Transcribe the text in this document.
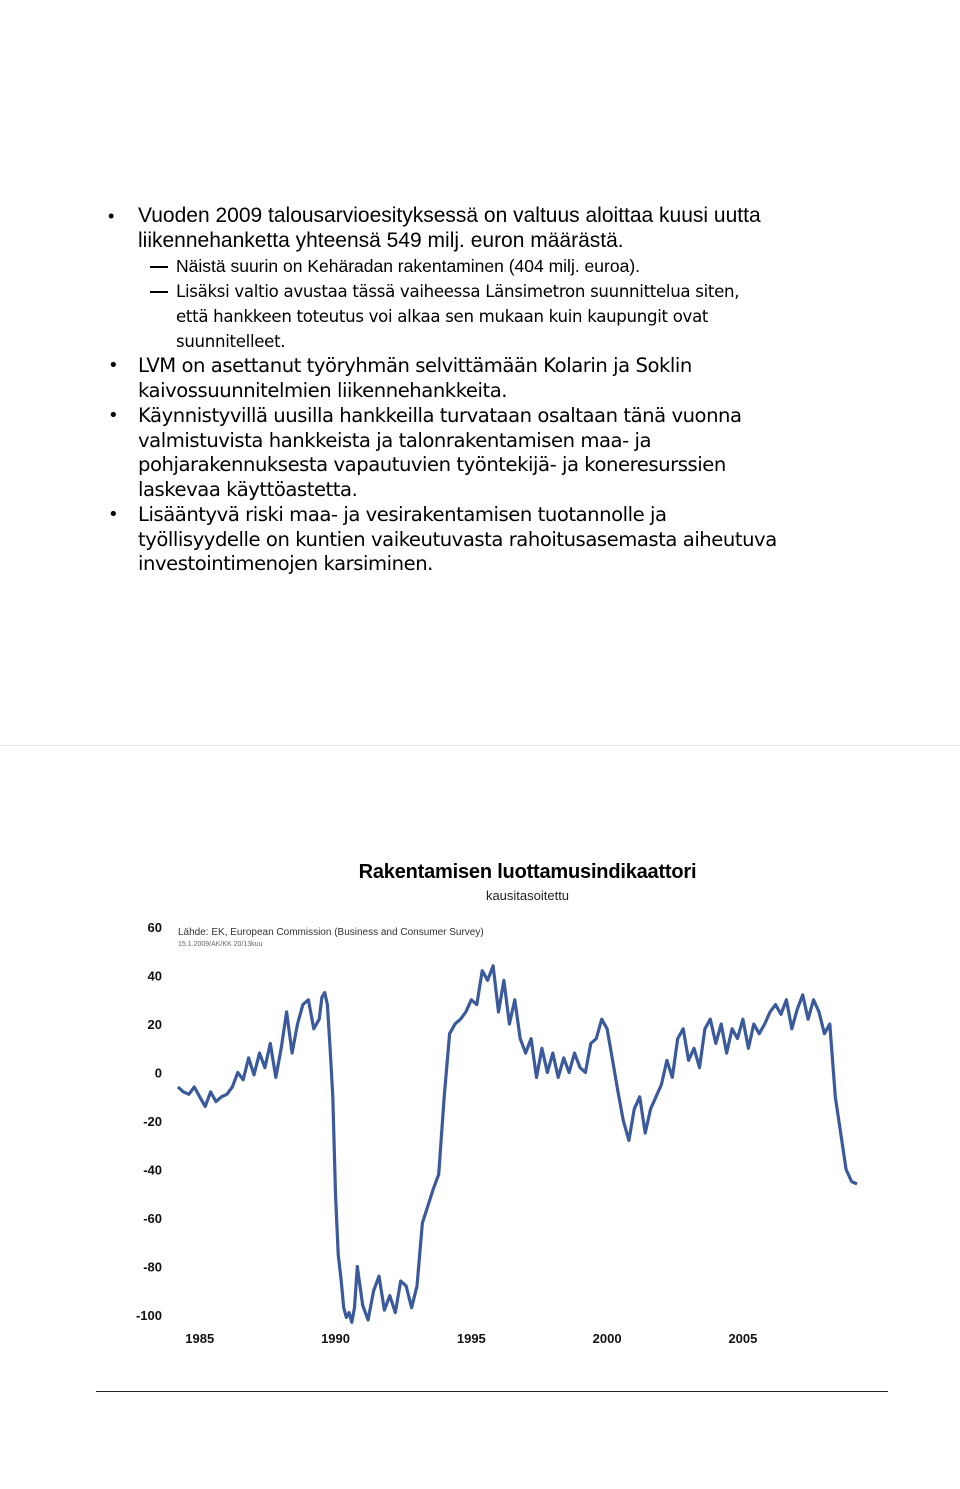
• Vuoden 2009 talousarvioesityksessä on valtuus aloittaa kuusi uutta
liikennehanketta yhteensä 549 milj. euron määrästä.
Näistä suurin on Kehäradan rakentaminen (404 milj. euroa).
Lisäksi valtio avustaa tässä vaiheessa Länsimetron suunnittelua siten,
että hankkeen toteutus voi alkaa sen mukaan kuin kaupungit ovat
suunnitelleet.
• LVM on asettanut työryhmän selvittämään Kolarin ja Soklin
kaivossuunnitelmien liikennehankkeita.
• Käynnistyvillä uusilla hankkeilla turvataan osaltaan tänä vuonna
valmistuvista hankkeista ja talonrakentamisen maa- ja
pohjarakennuksesta vapautuvien työntekijä- ja koneresurssien
laskevaa käyttöastetta.
• Lisääntyvä riski maa- ja vesirakentamisen tuotannolle ja
työllisyydelle on kuntien vaikeutuvasta rahoitusasemasta aiheutuva
investointimenojen karsiminen.
Rakentamisen luottamusindikaattori
kausitasoitettu
60
40
20
0
-20
-40
-60
-80
-100
1985	1990	1995	2000	2005
Lähde: EK, European Commission (Business and Consumer Survey)
15.1.2009/AK/KK 20/13kuu
